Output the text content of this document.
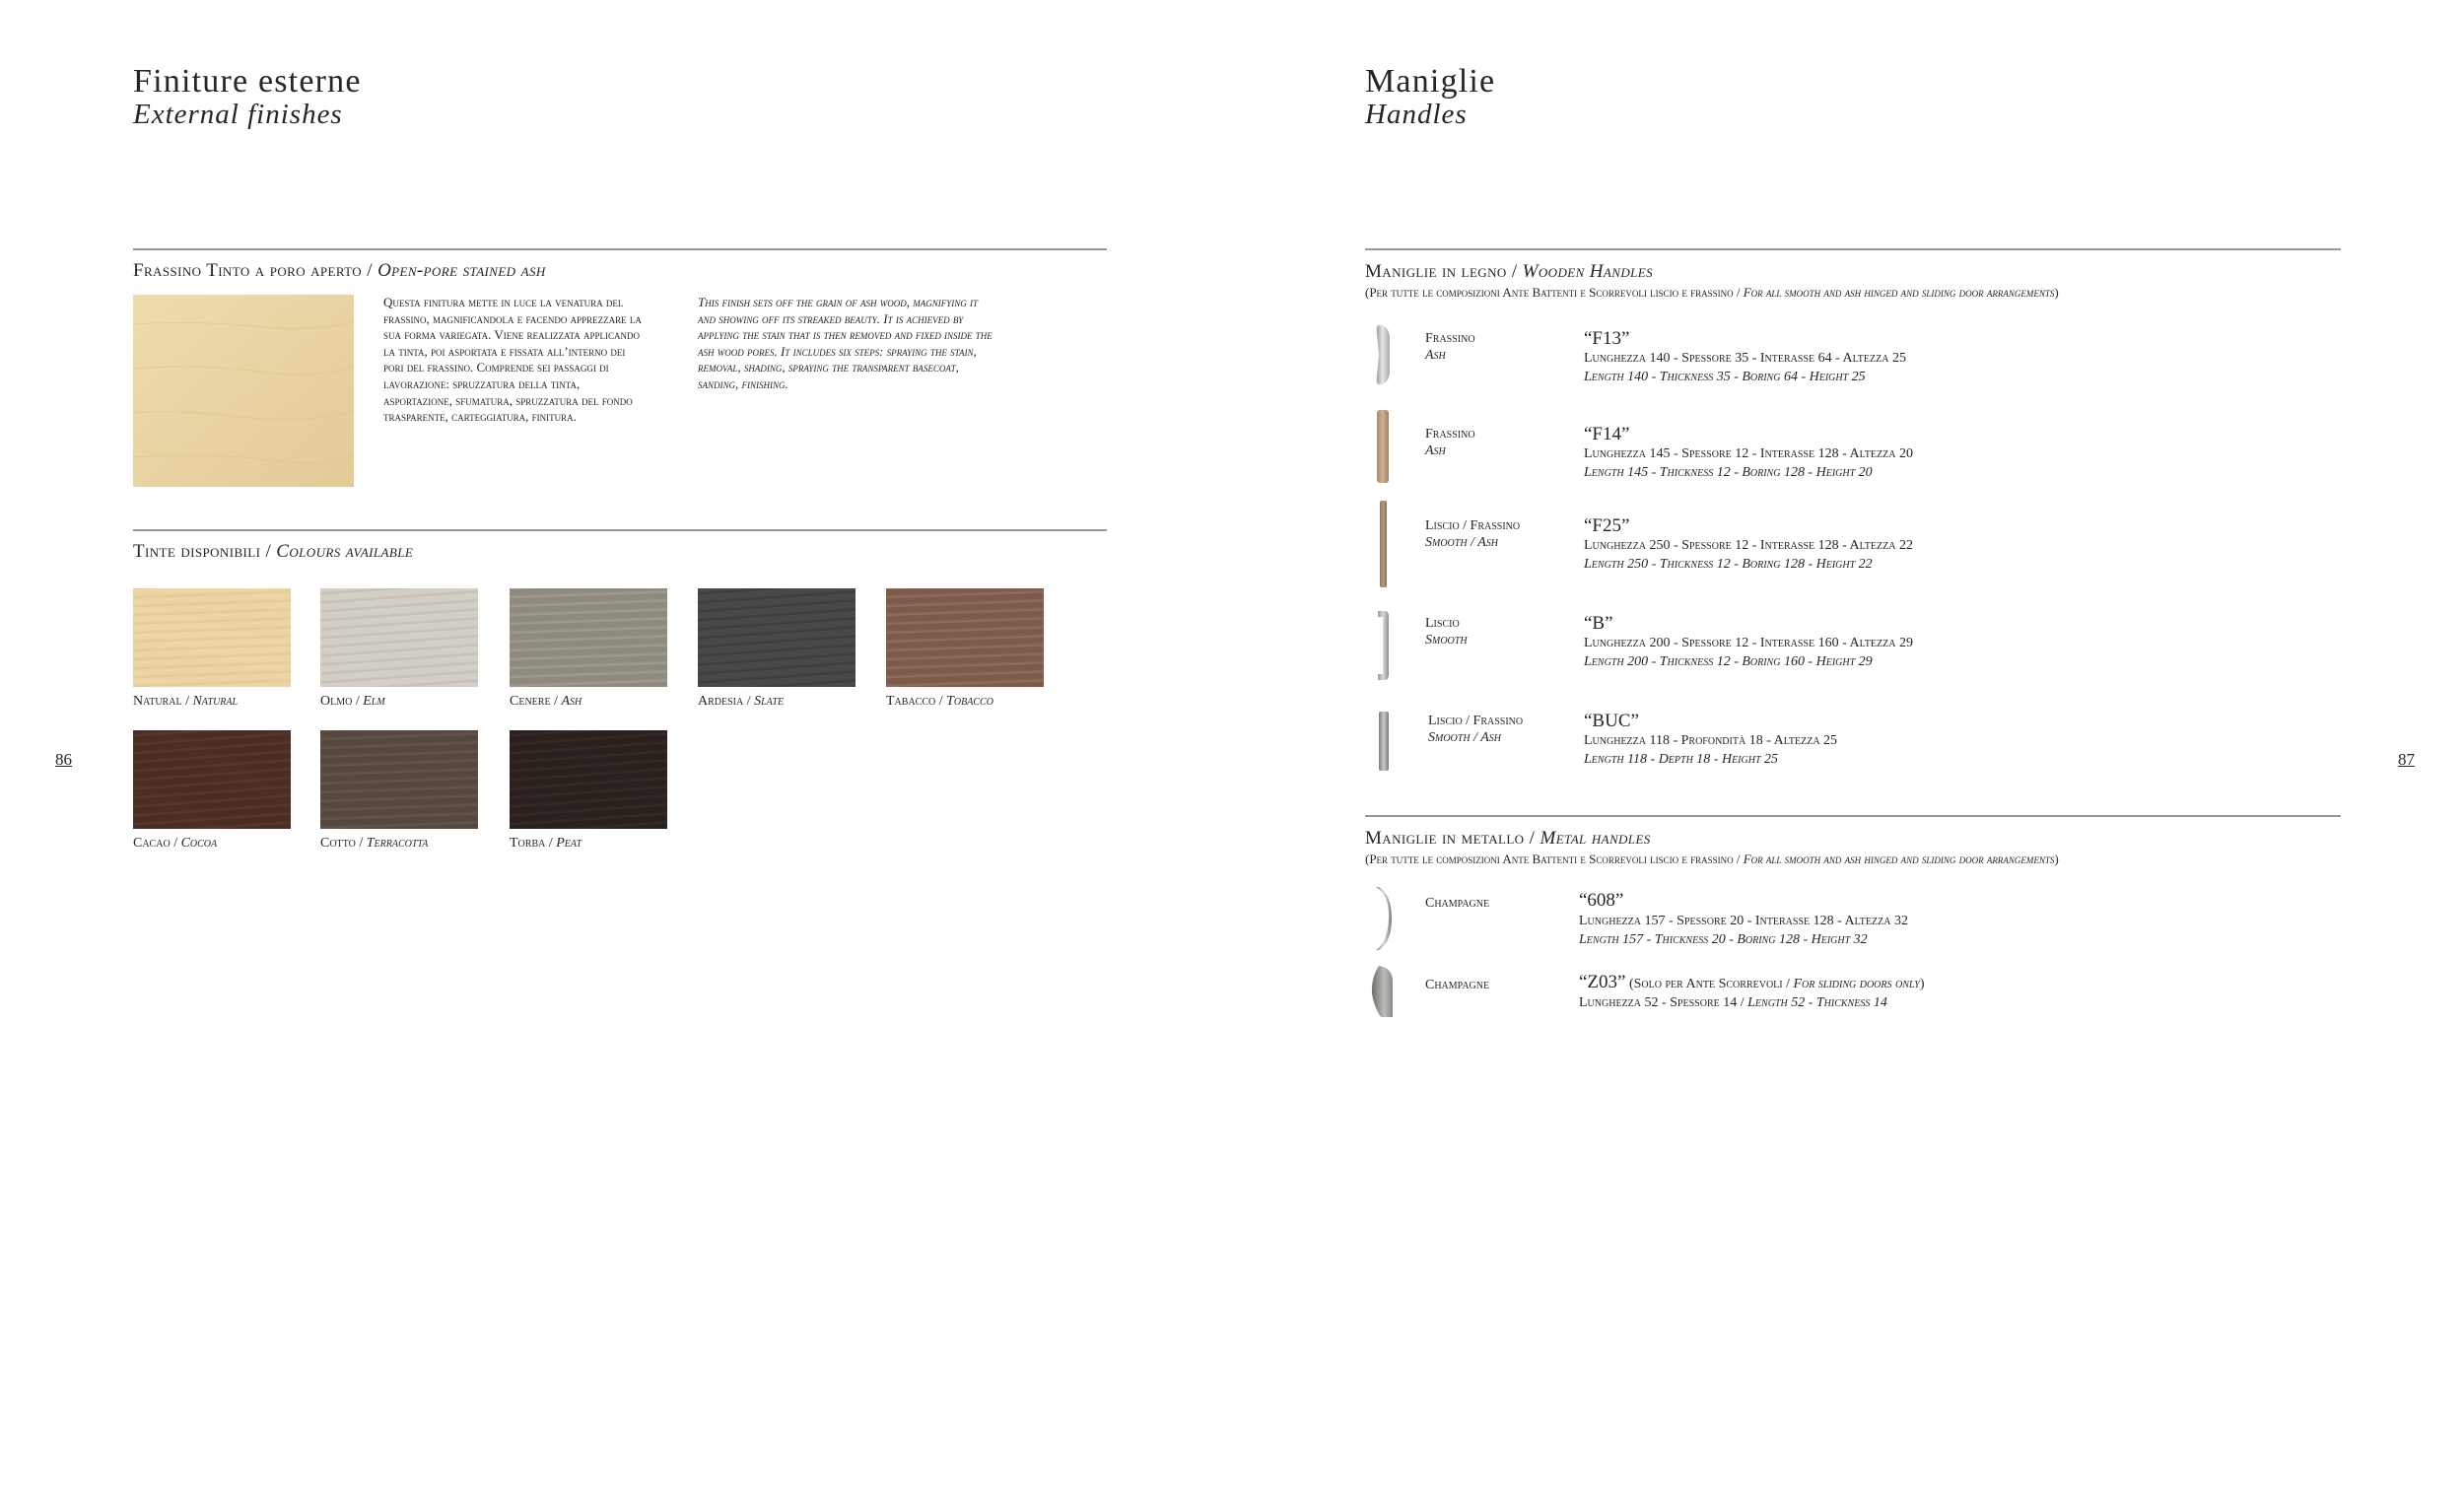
Finiture esterne
External finishes
Frassino Tinto a poro aperto / Open-pore stained ash
Questa finitura mette in luce la venatura del frassino, magnificandola e facendo apprezzare la sua forma variegata. Viene realizzata applicando la tinta, poi asportata e fissata all’interno dei pori del frassino. Comprende sei passaggi di lavorazione: spruzzatura della tinta, asportazione, sfumatura, spruzzatura del fondo trasparente, carteggiatura, finitura.
This finish sets off the grain of ash wood, magnifying it and showing off its streaked beauty. It is achieved by applying the stain that is then removed and fixed inside the ash wood pores. It includes six steps: spraying the stain, removal, shading, spraying the transparent basecoat, sanding, finishing.
Tinte disponibili / Colours available
Natural / Natural	Olmo / Elm	Cenere / Ash	Ardesia / Slate	Tabacco / Tobacco
Cacao / Cocoa	Cotto / Terracotta	Torba / Peat
86
Maniglie
Handles
Maniglie in legno / Wooden Handles
(Per tutte le composizioni Ante Battenti e Scorrevoli liscio e frassino / For all smooth and ash hinged and sliding door arrangements)
Frassino
Ash
“F13”
Lunghezza 140 - Spessore 35 - Interasse 64 - Altezza 25
Length 140 - Thickness 35 - Boring 64 - Height 25
Frassino
Ash
“F14”
Lunghezza 145 - Spessore 12 - Interasse 128 - Altezza 20
Length 145 - Thickness 12 - Boring 128 - Height 20
Liscio / Frassino
Smooth / Ash
“F25”
Lunghezza 250 - Spessore 12 - Interasse 128 - Altezza 22
Length 250 - Thickness 12 - Boring 128 - Height 22
Liscio
Smooth
“B”
Lunghezza 200 - Spessore 12 - Interasse 160 - Altezza 29
Length 200 - Thickness 12 - Boring 160 - Height 29
Liscio / Frassino
Smooth / Ash
“BUC”
Lunghezza 118 - Profondità 18 - Altezza 25
Length 118 - Depth 18 - Height 25
Maniglie in metallo / Metal handles
(Per tutte le composizioni Ante Battenti e Scorrevoli liscio e frassino / For all smooth and ash hinged and sliding door arrangements)
Champagne	“608”
Lunghezza 157 - Spessore 20 - Interasse 128 - Altezza 32
Length 157 - Thickness 20 - Boring 128 - Height 32
Champagne	“Z03” (Solo per Ante Scorrevoli / For sliding doors only)
Lunghezza 52 - Spessore 14 / Length 52 - Thickness 14
87
